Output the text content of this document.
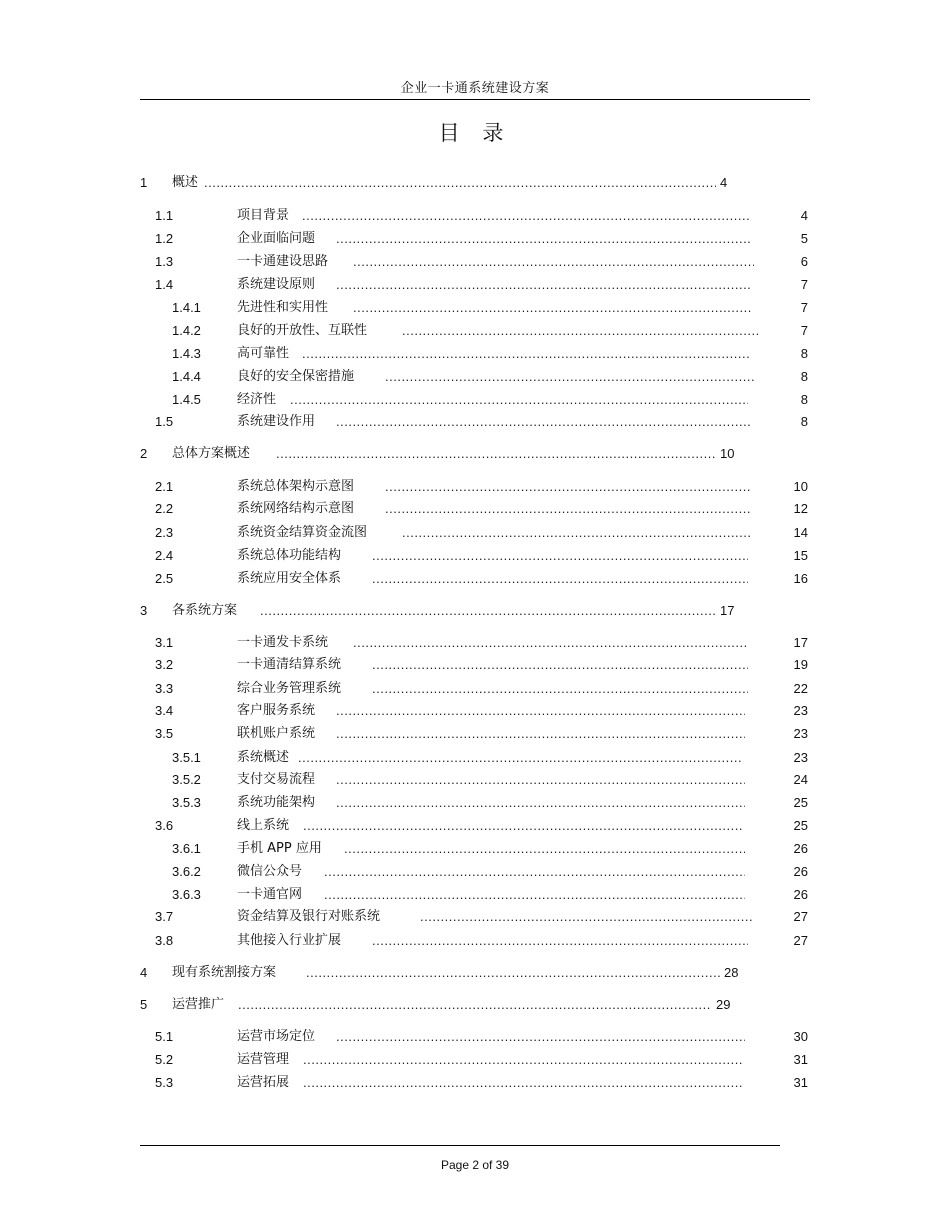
企业一卡通系统建设方案
目 录
1 概述 .....	4
1.1	项目背景 .....	4
1.2	企业面临问题 .....	5
1.3	一卡通建设思路 .....	6
1.4	系统建设原则 .....	7
1.4.1	先进性和实用性 .....	7
1.4.2	良好的开放性、互联性 .....	7
1.4.3	高可靠性 .....	8
1.4.4	良好的安全保密措施 .....	8
1.4.5	经济性 .....	8
1.5	系统建设作用 .....	8
2 总体方案概述 .....	10
2.1	系统总体架构示意图 .....	10
2.2	系统网络结构示意图 .....	12
2.3	系统资金结算资金流图 .....	14
2.4	系统总体功能结构 .....	15
2.5	系统应用安全体系 .....	16
3 各系统方案 .....	17
3.1	一卡通发卡系统 .....	17
3.2	一卡通清结算系统 .....	19
3.3	综合业务管理系统 .....	22
3.4	客户服务系统 .....	23
3.5	联机账户系统 .....	23
3.5.1	系统概述 .....	23
3.5.2	支付交易流程 .....	24
3.5.3	系统功能架构 .....	25
3.6	线上系统 .....	25
3.6.1	手机 APP 应用 .....	26
3.6.2	微信公众号 .....	26
3.6.3	一卡通官网 .....	26
3.7	资金结算及银行对账系统 .....	27
3.8	其他接入行业扩展 .....	27
4 现有系统割接方案 .....	28
5 运营推广 .....	29
5.1	运营市场定位 .....	30
5.2	运营管理 .....	31
5.3	运营拓展 .....	31
Page 2 of 39
